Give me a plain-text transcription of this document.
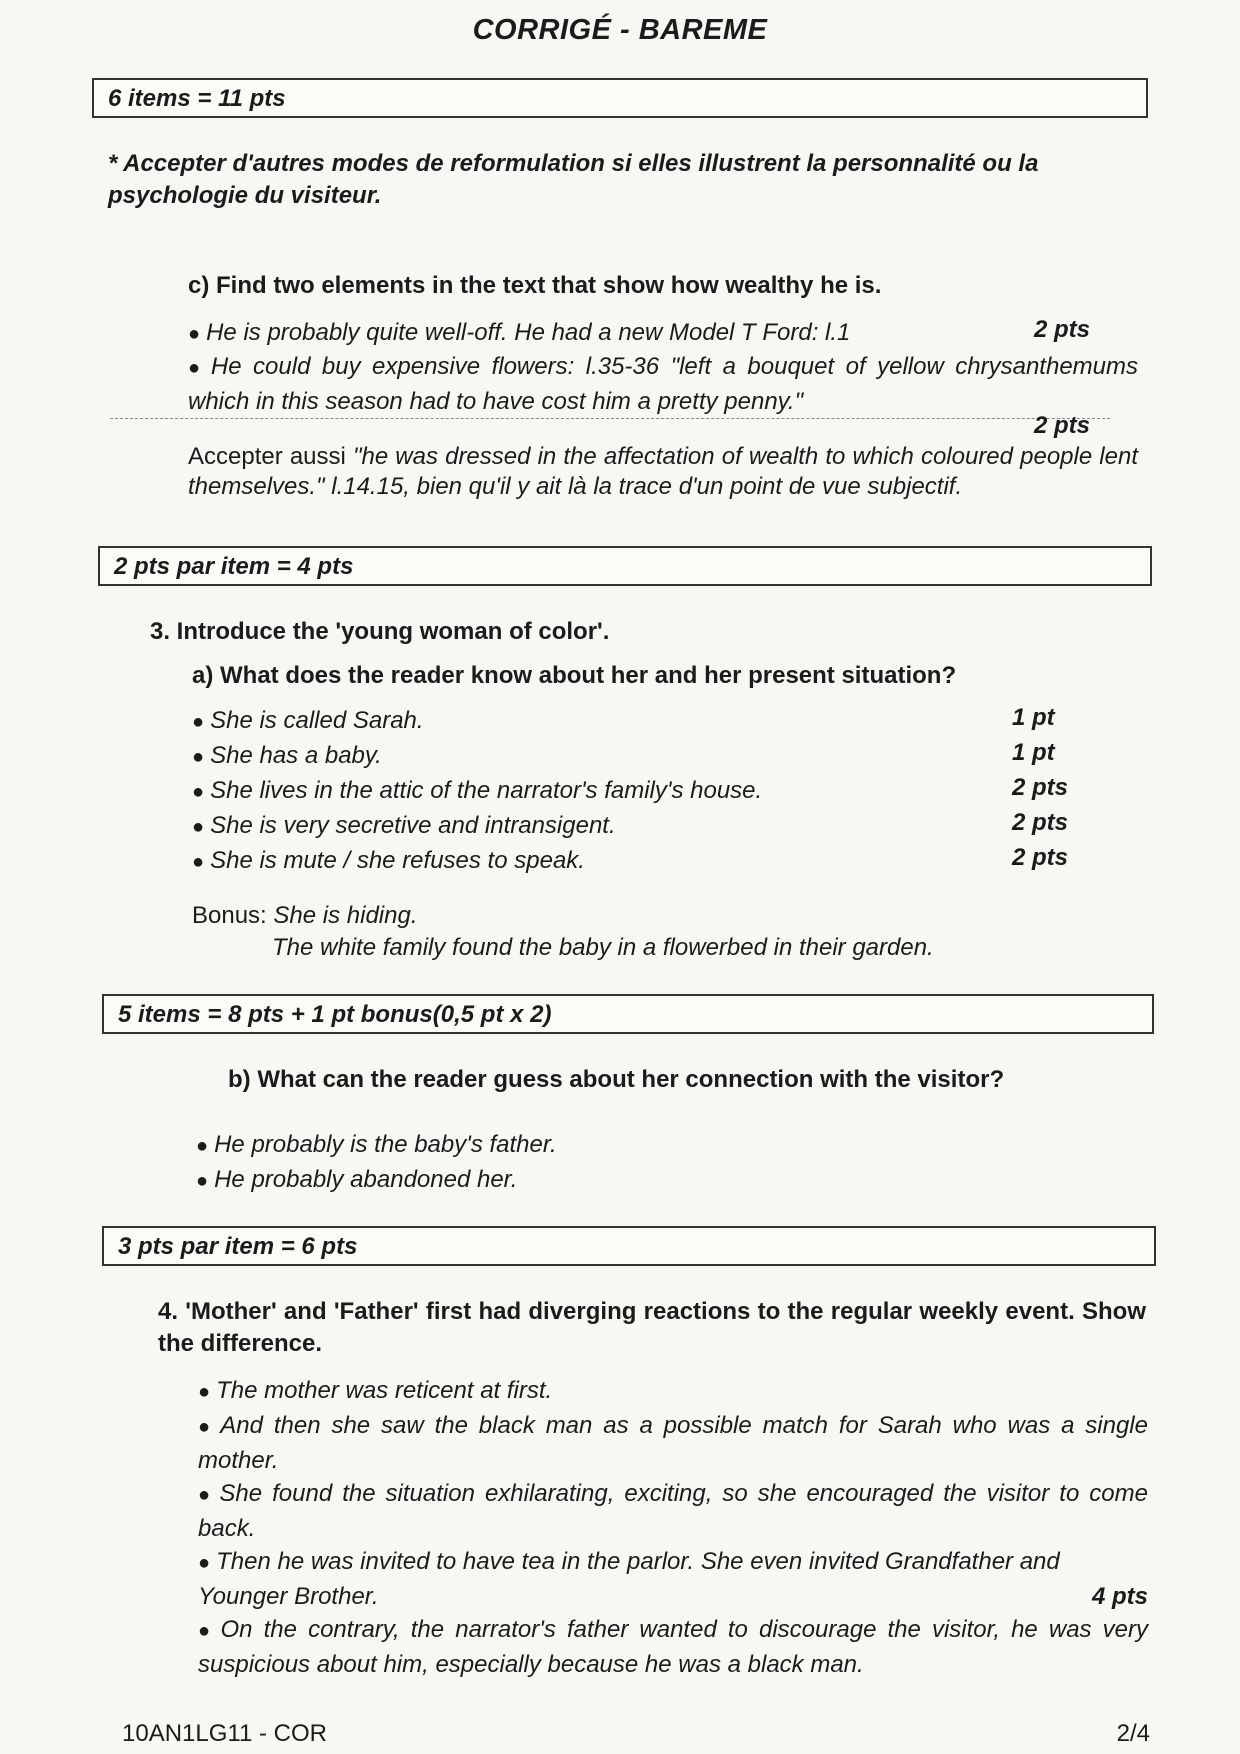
CORRIGÉ - BAREME
6 items = 11 pts
* Accepter d'autres modes de reformulation si elles illustrent la personnalité ou la psychologie du visiteur.
c) Find two elements in the text that show how wealthy he is.
● He is probably quite well-off. He had a new Model T Ford: l.1	2 pts
● He could buy expensive flowers: l.35-36 "left a bouquet of yellow chrysanthemums which in this season had to have cost him a pretty penny."
2 pts
Accepter aussi "he was dressed in the affectation of wealth to which coloured people lent themselves." l.14.15, bien qu'il y ait là la trace d'un point de vue subjectif.
2 pts par item = 4 pts
3. Introduce the 'young woman of color'.
a) What does the reader know about her and her present situation?
● She is called Sarah.	1 pt
● She has a baby.	1 pt
● She lives in the attic of the narrator's family's house.	2 pts
● She is very secretive and intransigent.	2 pts
● She is mute / she refuses to speak.	2 pts
Bonus: She is hiding.
The white family found the baby in a flowerbed in their garden.
5 items = 8 pts + 1 pt bonus(0,5 pt x 2)
b) What can the reader guess about her connection with the visitor?
● He probably is the baby's father.
● He probably abandoned her.
3 pts par item = 6 pts
4. 'Mother' and 'Father' first had diverging reactions to the regular weekly event. Show the difference.
● The mother was reticent at first.
● And then she saw the black man as a possible match for Sarah who was a single mother.
● She found the situation exhilarating, exciting, so she encouraged the visitor to come back.
● Then he was invited to have tea in the parlor. She even invited Grandfather and Younger Brother.	4 pts
● On the contrary, the narrator's father wanted to discourage the visitor, he was very suspicious about him, especially because he was a black man.
10AN1LG11 - COR	2/4
